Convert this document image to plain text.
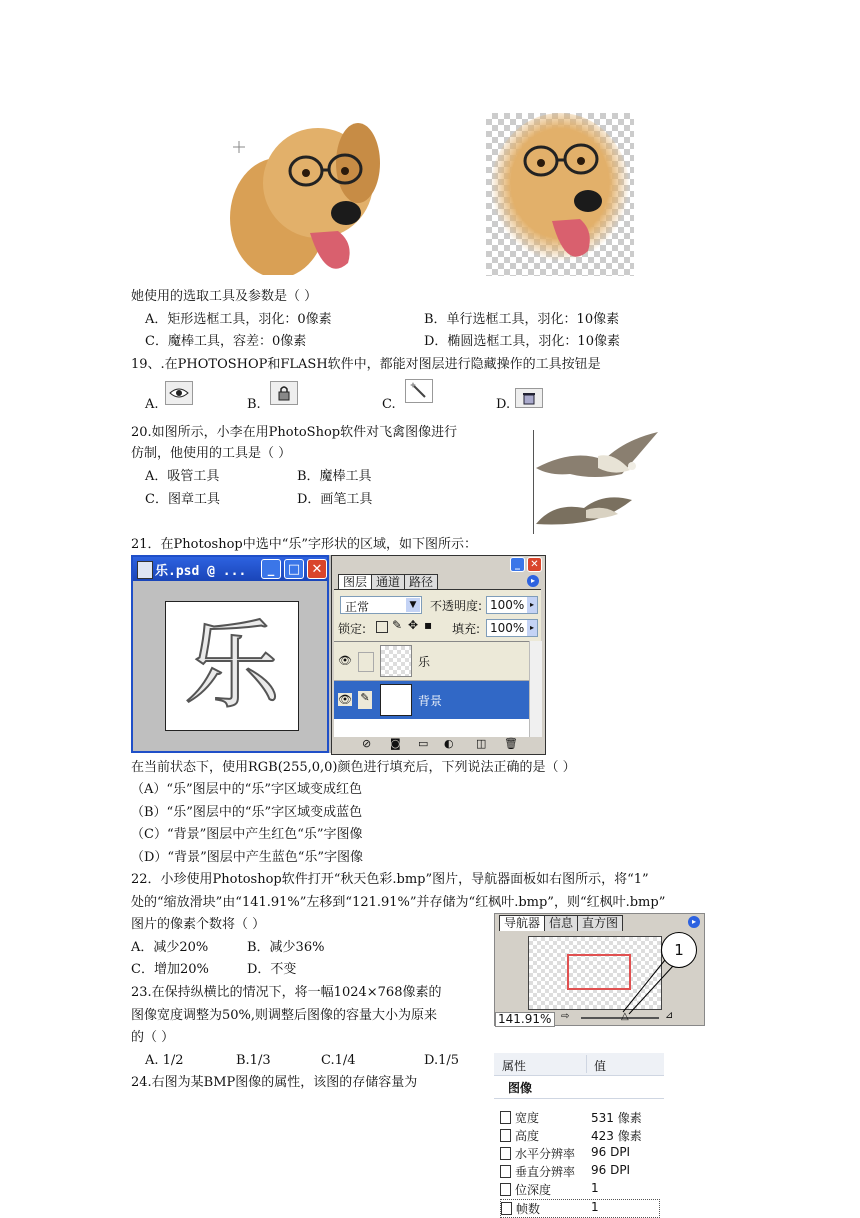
她使用的选取工具及参数是（ ）
A．矩形选框工具，羽化：0像素	B．单行选框工具，羽化：10像素
C．魔棒工具，容差：0像素	D．椭圆选框工具，羽化：10像素
19、.在PHOTOSHOP和FLASH软件中，都能对图层进行隐藏操作的工具按钮是
A.	B.	C.	D.
20.如图所示，小李在用PhotoShop软件对飞禽图像进行
仿制，他使用的工具是（ ）
A．吸管工具	B．魔棒工具
C．图章工具	D．画笔工具
21．在Photoshop中选中“乐”字形状的区域，如下图所示：
乐.psd @ ...	_	□ ✕
乐
_	✕
图层 通道 路径	▸
正常	▼ 不透明度: 100% ▸
锁定: ✎ ✥ ▪ 填充: 100% ▸
👁	乐
👁 ✎	背景
⊘ ◙ ▭ ◐ ◫ 🗑
在当前状态下，使用RGB(255,0,0)颜色进行填充后，下列说法正确的是（ ）
（A）“乐”图层中的“乐”字区域变成红色
（B）“乐”图层中的“乐”字区域变成蓝色
（C）“背景”图层中产生红色“乐”字图像
（D）“背景”图层中产生蓝色“乐”字图像
22．小珍使用Photoshop软件打开“秋天色彩.bmp”图片，导航器面板如右图所示，将“1”
处的“缩放滑块”由“141.91%”左移到“121.91%”并存储为“红枫叶.bmp”，则“红枫叶.bmp”
图片的像素个数将（ ）
A．减少20%	B．减少36%
C．增加20%	D．不变
导航器 信息 直方图	▸
141.91% ⇨	△	⊿
1
23.在保持纵横比的情况下，将一幅1024×768像素的
图像宽度调整为50%,则调整后图像的容量大小为原来
的（ ）
A. 1/2	B.1/3	C.1/4	D.1/5
24.右图为某BMP图像的属性，该图的存储容量为
属性	值
图像
宽度	531 像素
高度	423 像素
水平分辨率 96 DPI
垂直分辨率 96 DPI
位深度	1
帧数	1
